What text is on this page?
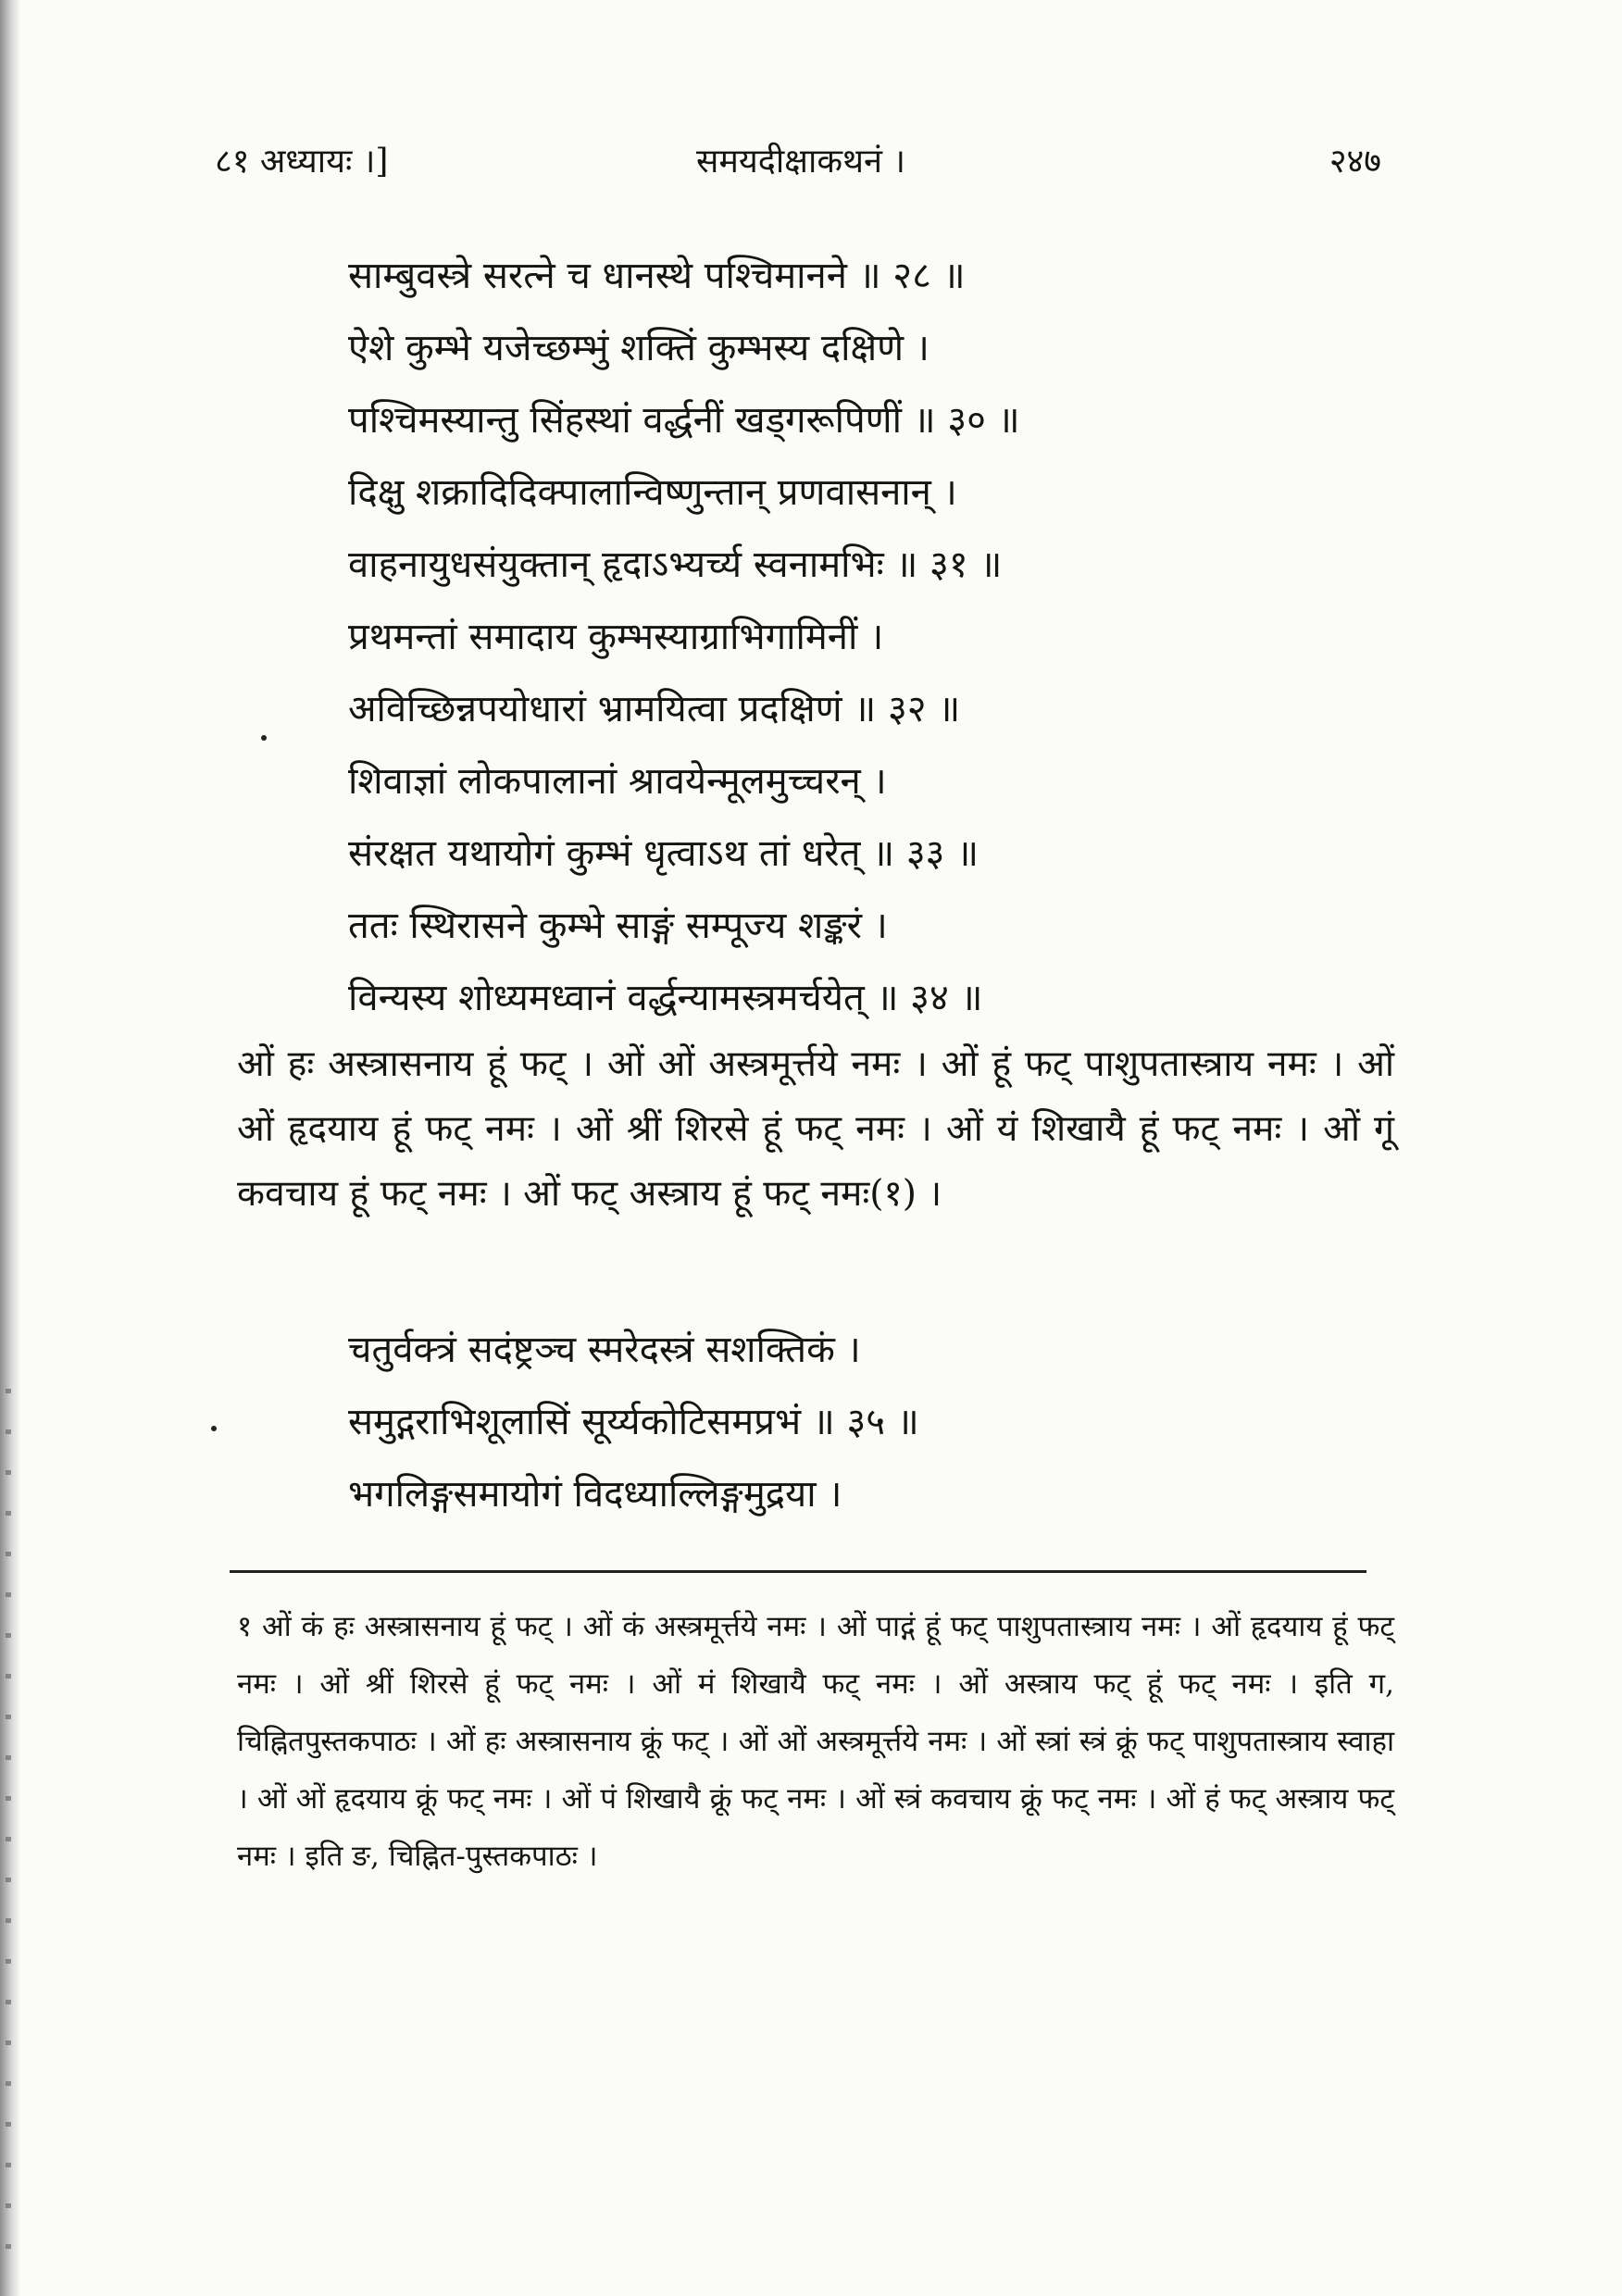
८१ अध्यायः ।]	समयदीक्षाकथनं ।	२४७
साम्बुवस्त्रे सरत्ने च धानस्थे पश्चिमानने ॥ २८ ॥
ऐशे कुम्भे यजेच्छम्भुं शक्तिं कुम्भस्य दक्षिणे ।
पश्चिमस्यान्तु सिंहस्थां वर्द्धनीं खड्गरूपिणीं ॥ ३० ॥
दिक्षु शक्रादिदिक्पालान्विष्णुन्तान् प्रणवासनान् ।
वाहनायुधसंयुक्तान् हृदाऽभ्यर्च्य स्वनामभिः ॥ ३१ ॥
प्रथमन्तां समादाय कुम्भस्याग्राभिगामिनीं ।
अविच्छिन्नपयोधारां भ्रामयित्वा प्रदक्षिणं ॥ ३२ ॥
शिवाज्ञां लोकपालानां श्रावयेन्मूलमुच्चरन् ।
संरक्षत यथायोगं कुम्भं धृत्वाऽथ तां धरेत् ॥ ३३ ॥
ततः स्थिरासने कुम्भे साङ्गं सम्पूज्य शङ्करं ।
विन्यस्य शोध्यमध्वानं वर्द्धन्यामस्त्रमर्चयेत् ॥ ३४ ॥
ओं हः अस्त्रासनाय हूं फट् । ओं ओं अस्त्रमूर्त्तये नमः । ओं हूं फट् पाशुपतास्त्राय नमः । ओं ओं हृदयाय हूं फट् नमः । ओं श्रीं शिरसे हूं फट् नमः । ओं यं शिखायै हूं फट् नमः । ओं गूं कवचाय हूं फट् नमः । ओं फट् अस्त्राय हूं फट् नमः(१) ।
चतुर्वक्त्रं सदंष्ट्रञ्च स्मरेदस्त्रं सशक्तिकं ।
समुद्गराभिशूलासिं सूर्य्यकोटिसमप्रभं ॥ ३५ ॥
भगलिङ्गसमायोगं विदध्याल्लिङ्गमुद्रया ।
१ ओं कं हः अस्त्रासनाय हूं फट् । ओं कं अस्त्रमूर्त्तये नमः । ओं पाद्गं हूं फट् पाशुपतास्त्राय नमः । ओं हृदयाय हूं फट् नमः । ओं श्रीं शिरसे हूं फट् नमः । ओं मं शिखायै फट् नमः । ओं अस्त्राय फट् हूं फट् नमः । इति ग, चिह्नितपुस्तकपाठः । ओं हः अस्त्रासनाय क्रूं फट् । ओं ओं अस्त्रमूर्त्तये नमः । ओं स्त्रां स्त्रं क्रूं फट् पाशुपतास्त्राय स्वाहा । ओं ओं हृदयाय क्रूं फट् नमः । ओं पं शिखायै क्रूं फट् नमः । ओं स्त्रं कवचाय क्रूं फट् नमः । ओं हं फट् अस्त्राय फट् नमः । इति ङ, चिह्नित-पुस्तकपाठः ।
